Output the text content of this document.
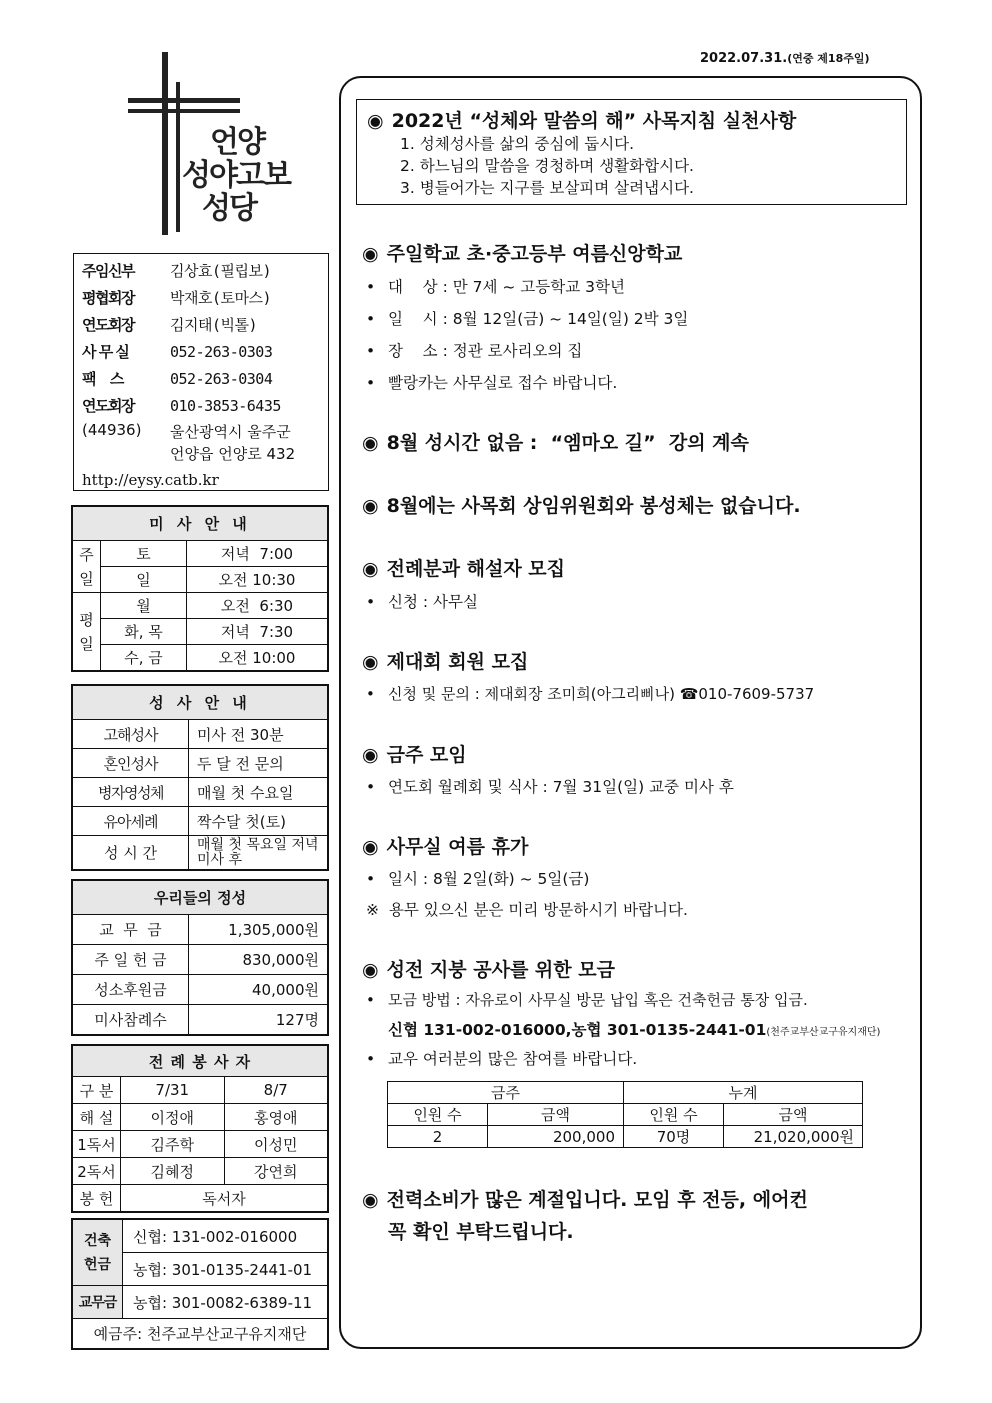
2022.07.31.(연중 제18주일)
언양
성야고보
성당
주임신부	김상효(필립보)
평협회장	박재호(토마스)
연도회장	김지태(빅톨)
사 무 실	052-263-0303
팩    스	052-263-0304
연도회장	010-3853-6435
(44936)	울산광역시 울주군
언양읍 언양로 432
http://eysy.catb.kr
미 사 안 내		
주일	토	저녁  7:00
	일	오전 10:30
평일	월	오전  6:30
	화, 목	저녁  7:30
	수, 금	오전 10:00
성 사 안 내	
고해성사	미사 전 30분
혼인성사	두 달 전 문의
병자영성체	매월 첫 수요일
유아세례	짝수달 첫(토)
성 시 간	매월 첫 목요일 저녁미사 후
우리들의 정성	
교  무  금	1,305,000원
주 일 헌 금	830,000원
성소후원금	40,000원
미사참례수	127명
전 례 봉 사 자		
구 분	7/31	8/7
해 설	이정애	홍영애
1독서	김주학	이성민
2독서	김혜정	강연희
봉 헌	독서자	
건축헌금	신협: 131-002-016000
	농협: 301-0135-2441-01
교무금	농협: 301-0082-6389-11
예금주: 천주교부산교구유지재단	
◉ 2022년 “성체와 말씀의 해” 사목지침 실천사항
1. 성체성사를 삶의 중심에 둡시다.
2. 하느님의 말씀을 경청하며 생활화합시다.
3. 병들어가는 지구를 보살피며 살려냅시다.
◉ 주일학교 초·중고등부 여름신앙학교
• 대    상 : 만 7세 ~ 고등학교 3학년
• 일    시 : 8월 12일(금) ~ 14일(일) 2박 3일
• 장    소 : 정관 로사리오의 집
• 빨랑카는 사무실로 접수 바랍니다.
◉ 8월 성시간 없음 :  “엠마오 길”  강의 계속
◉ 8월에는 사목회 상임위원회와 봉성체는 없습니다.
◉ 전례분과 해설자 모집
• 신청 : 사무실
◉ 제대회 회원 모집
• 신청 및 문의 : 제대회장 조미희(아그리삐나) ☎010-7609-5737
◉ 금주 모임
• 연도회 월례회 및 식사 : 7월 31일(일) 교중 미사 후
◉ 사무실 여름 휴가
• 일시 : 8월 2일(화) ~ 5일(금)
※  용무 있으신 분은 미리 방문하시기 바랍니다.
◉ 성전 지붕 공사를 위한 모금
• 모금 방법 : 자유로이 사무실 방문 납입 혹은 건축헌금 통장 입금.
신협 131-002-016000,농협 301-0135-2441-01(천주교부산교구유지재단)
• 교우 여러분의 많은 참여를 바랍니다.
금주		누계	
인원 수	금액	인원 수	금액
2	200,000	70명	21,020,000원
◉ 전력소비가 많은 계절입니다. 모임 후 전등, 에어컨
꼭 확인 부탁드립니다.
